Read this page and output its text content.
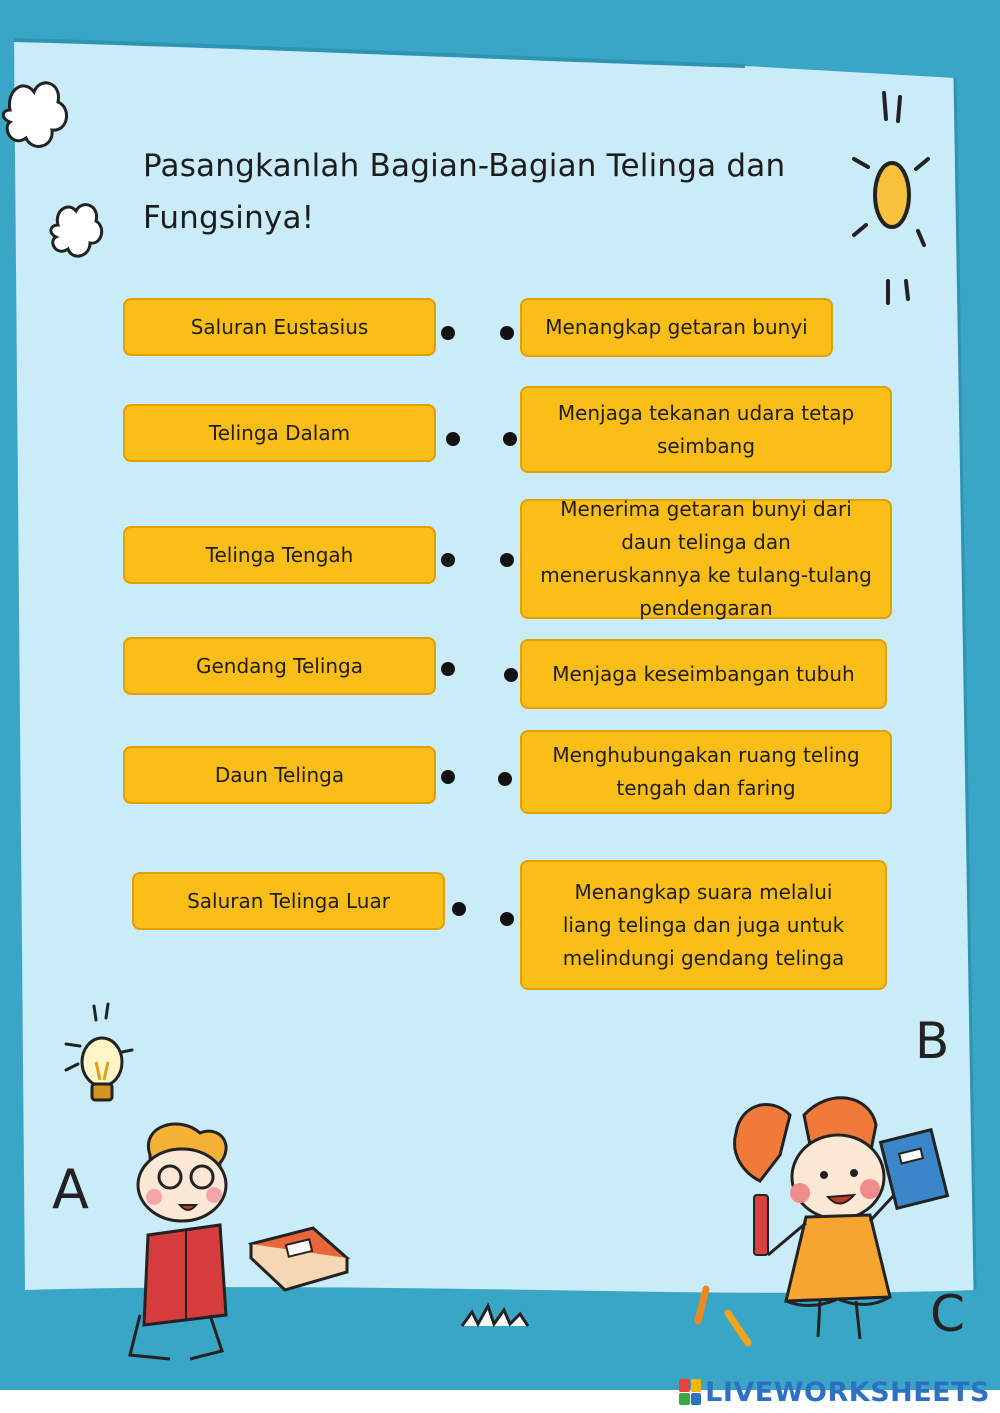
Pasangkanlah Bagian-Bagian Telinga dan Fungsinya!
Saluran Eustasius
Telinga Dalam
Telinga Tengah
Gendang Telinga
Daun Telinga
Saluran Telinga Luar
Menangkap getaran bunyi
Menjaga tekanan udara tetap seimbang
Menerima getaran bunyi dari daun telinga dan meneruskannya ke tulang-tulang pendengaran
Menjaga keseimbangan tubuh
Menghubungakan ruang teling tengah dan faring
Menangkap suara melalui liang telinga dan juga untuk melindungi gendang telinga
A
B
C
LIVEWORKSHEETS
